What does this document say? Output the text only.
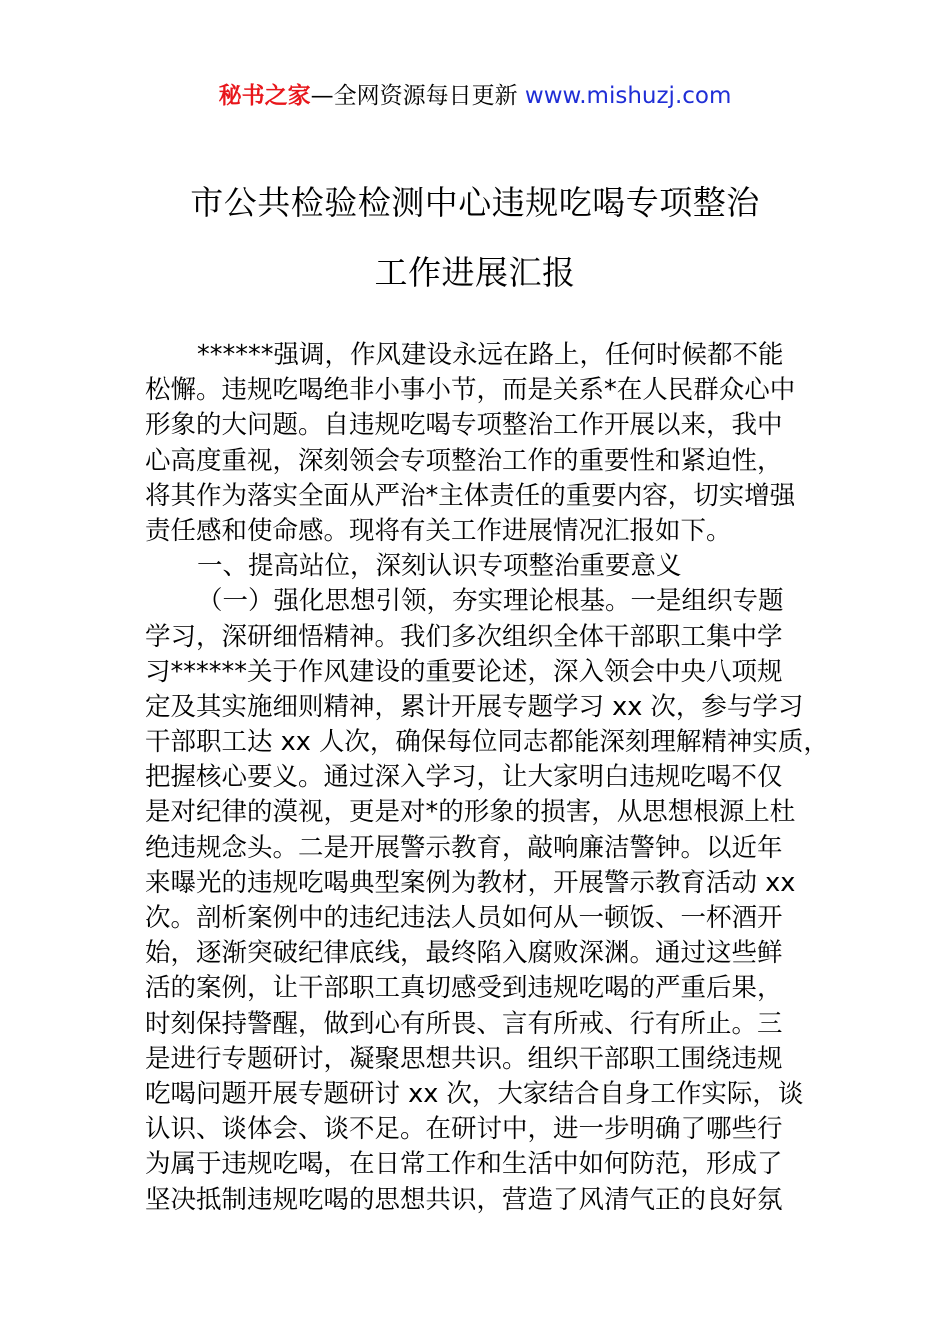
秘书之家—全网资源每日更新 www.mishuzj.com
市公共检验检测中心违规吃喝专项整治
工作进展汇报
******强调，作风建设永远在路上，任何时候都不能
松懈。违规吃喝绝非小事小节，而是关系*在人民群众心中
形象的大问题。自违规吃喝专项整治工作开展以来，我中
心高度重视，深刻领会专项整治工作的重要性和紧迫性，
将其作为落实全面从严治*主体责任的重要内容，切实增强
责任感和使命感。现将有关工作进展情况汇报如下。
一、提高站位，深刻认识专项整治重要意义
（一）强化思想引领，夯实理论根基。一是组织专题
学习，深研细悟精神。我们多次组织全体干部职工集中学
习******关于作风建设的重要论述，深入领会中央八项规
定及其实施细则精神，累计开展专题学习 xx 次，参与学习
干部职工达 xx 人次，确保每位同志都能深刻理解精神实质，
把握核心要义。通过深入学习，让大家明白违规吃喝不仅
是对纪律的漠视，更是对*的形象的损害，从思想根源上杜
绝违规念头。二是开展警示教育，敲响廉洁警钟。以近年
来曝光的违规吃喝典型案例为教材，开展警示教育活动 xx
次。剖析案例中的违纪违法人员如何从一顿饭、一杯酒开
始，逐渐突破纪律底线，最终陷入腐败深渊。通过这些鲜
活的案例，让干部职工真切感受到违规吃喝的严重后果，
时刻保持警醒，做到心有所畏、言有所戒、行有所止。三
是进行专题研讨，凝聚思想共识。组织干部职工围绕违规
吃喝问题开展专题研讨 xx 次，大家结合自身工作实际，谈
认识、谈体会、谈不足。在研讨中，进一步明确了哪些行
为属于违规吃喝，在日常工作和生活中如何防范，形成了
坚决抵制违规吃喝的思想共识，营造了风清气正的良好氛
